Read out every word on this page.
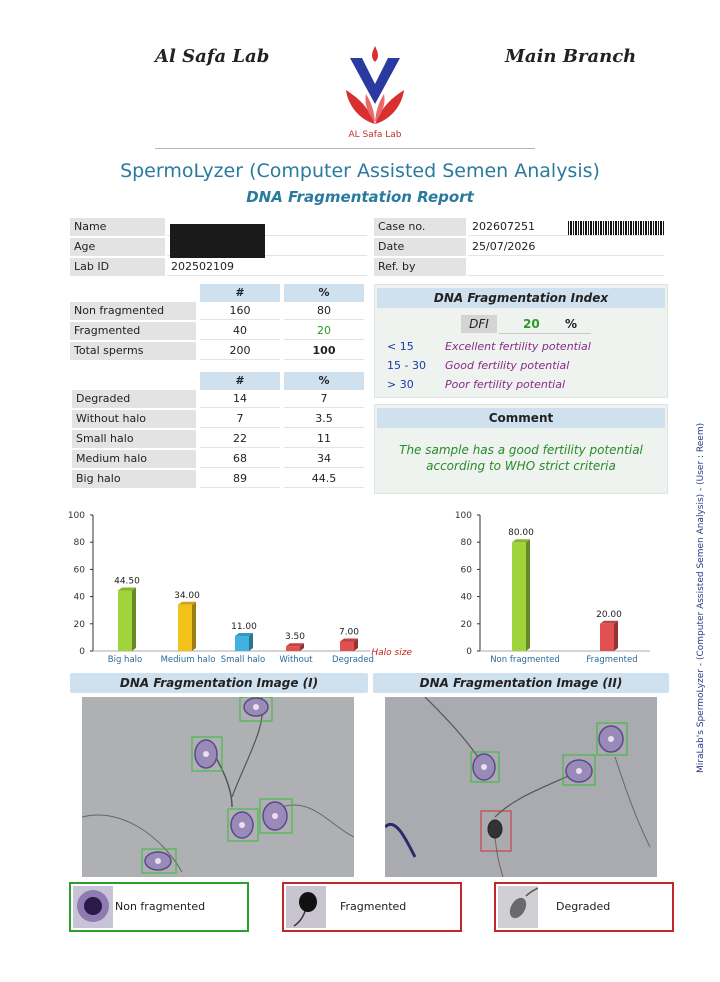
Al Safa Lab	Main Branch
AL Safa Lab
SpermoLyzer (Computer Assisted Semen Analysis)
DNA Fragmentation Report
Name
Age
Lab ID	202502109
Case no.	202607251
Date	25/07/2026
Ref. by
#	%
Non fragmented	160	80
Fragmented	40	20
Total sperms	200	100
#	%
Degraded	14	7
Without halo	7	3.5
Small halo	22	11
Medium halo	68	34
Big halo	89	44.5
DNA Fragmentation Index
DFI	20 %
< 15	Excellent fertility potential
15 - 30 Good fertility potential
> 30	Poor fertility potential
Comment
The sample has a good fertility potential
according to WHO strict criteria
0
20
40
60
80
100
44.50
Big halo
34.00
Medium halo
11.00
Small halo
3.50
Without
7.00
Degraded
Halo size	0
20
40
60
80
100
80.00
Non fragmented
20.00
Fragmented
DNA Fragmentation Image (I)	DNA Fragmentation Image (II)
Non fragmented	Fragmented	Degraded
MiraLab's SpermoLyzer - (Computer Assisted Semen Analysis) - (User : Reem)
